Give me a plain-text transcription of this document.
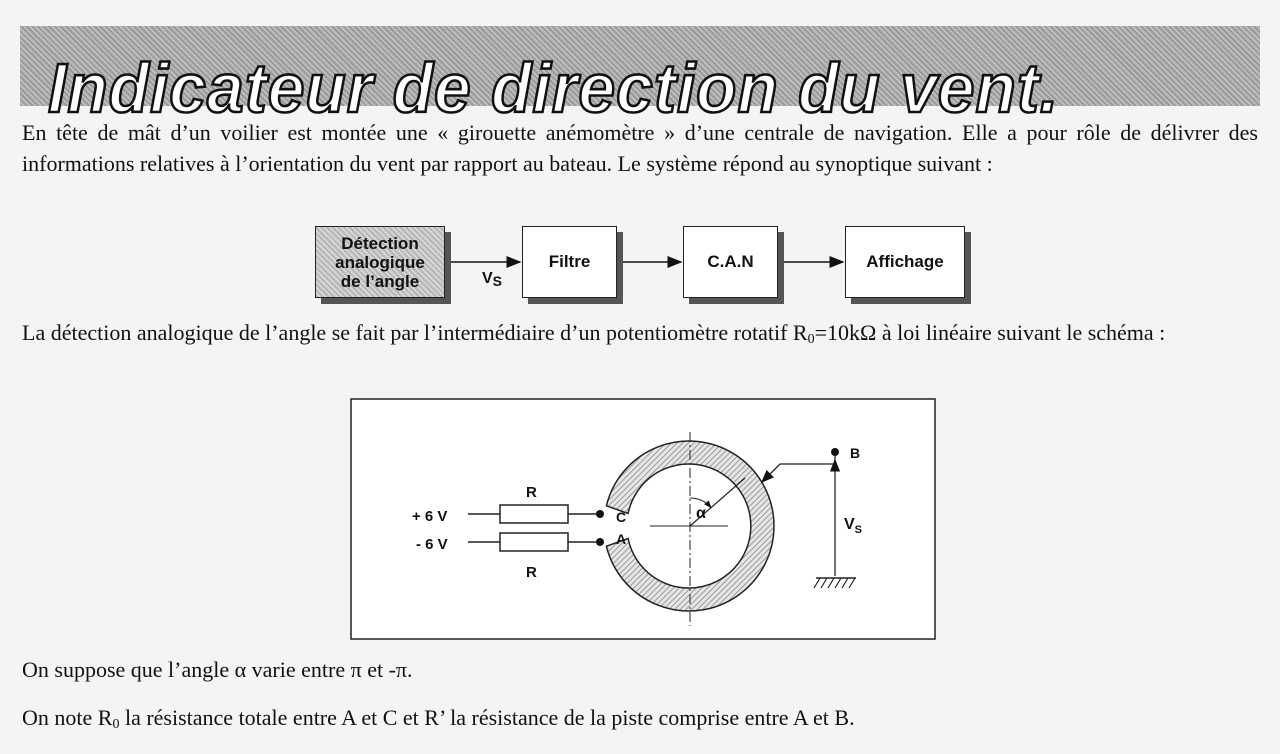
Indicateur de direction du vent.
En tête de mât d’un voilier est montée une « girouette anémomètre » d’une centrale de navigation. Elle a pour rôle de délivrer des informations relatives à l’orientation du vent par rapport au bateau. Le système répond au synoptique suivant :
Détection
analogique
de l’angle	$V_S$
Filtre	C.A.N	Affichage
La détection analogique de l’angle se fait par l’intermédiaire d’un potentiomètre rotatif $R_0=10k\Omega$ à loi linéaire suivant le schéma :
α
B
$V_S$
+ 6 V
- 6 V
C
R
A
R
On suppose que l’angle α varie entre π et -π.
On note $R_0$ la résistance totale entre A et C et R’ la résistance de la piste comprise entre A et B.
